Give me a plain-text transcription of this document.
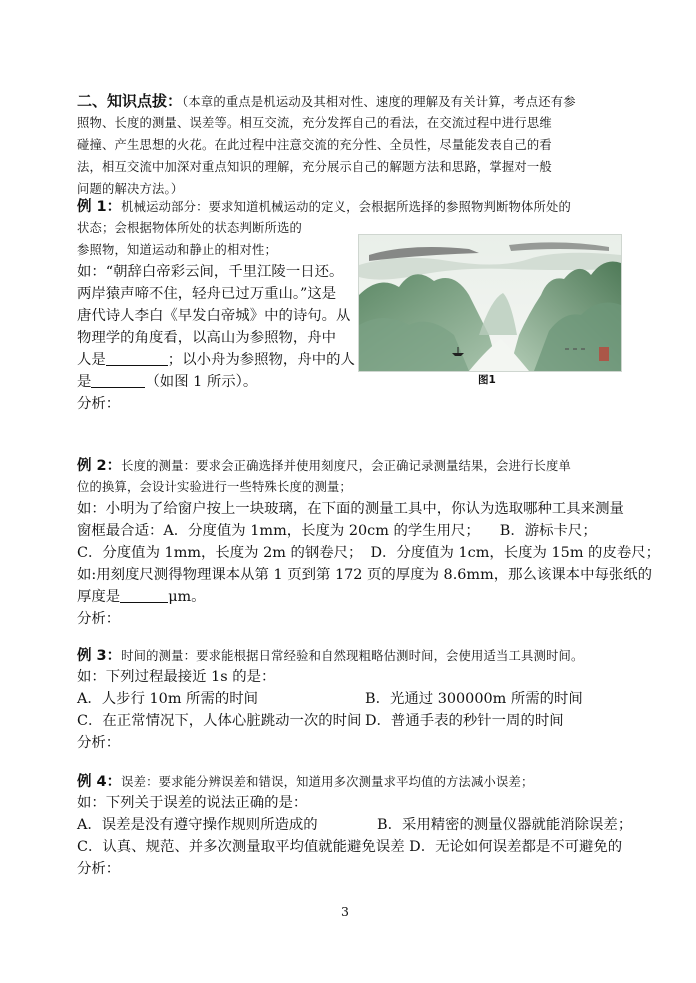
二、知识点拔：（本章的重点是机运动及其相对性、速度的理解及有关计算，考点还有参
照物、长度的测量、误差等。相互交流，充分发挥自己的看法，在交流过程中进行思维
碰撞、产生思想的火花。在此过程中注意交流的充分性、全员性，尽量能发表自己的看
法，相互交流中加深对重点知识的理解，充分展示自己的解题方法和思路，掌握对一般
问题的解决方法。）
例 1：机械运动部分：要求知道机械运动的定义，会根据所选择的参照物判断物体所处的
状态；会根据物体所处的状态判断所选的
参照物，知道运动和静止的相对性；
如：“朝辞白帝彩云间，千里江陵一日还。
两岸猿声啼不住，轻舟已过万重山。”这是
唐代诗人李白《早发白帝城》中的诗句。从
物理学的角度看，以高山为参照物，舟中
人是	；以小舟为参照物，舟中的人
是	（如图 1 所示）。
分析：
图1
例 2：长度的测量：要求会正确选择并使用刻度尺，会正确记录测量结果，会进行长度单
位的换算，会设计实验进行一些特殊长度的测量；
如：小明为了给窗户按上一块玻璃，在下面的测量工具中，你认为选取哪种工具来测量
窗框最合适：A．分度值为 1mm，长度为 20cm 的学生用尺； B．游标卡尺；
C．分度值为 1mm，长度为 2m 的钢卷尺； D．分度值为 1cm，长度为 15m 的皮卷尺；
如:用刻度尺测得物理课本从第 1 页到第 172 页的厚度为 8.6mm，那么该课本中每张纸的
厚度是	μm。
分析：
例 3：时间的测量：要求能根据日常经验和自然现粗略估测时间，会使用适当工具测时间。
如：下列过程最接近 1s 的是：
A．人步行 10m 所需的时间	B．光通过 300000m 所需的时间
C．在正常情况下，人体心脏跳动一次的时间 D．普通手表的秒针一周的时间
分析：
例 4：误差：要求能分辨误差和错误，知道用多次测量求平均值的方法减小误差；
如：下列关于误差的说法正确的是：
A．误差是没有遵守操作规则所造成的	B．采用精密的测量仪器就能消除误差；
C．认真、规范、并多次测量取平均值就能避免误差 D．无论如何误差都是不可避免的
分析：
3
